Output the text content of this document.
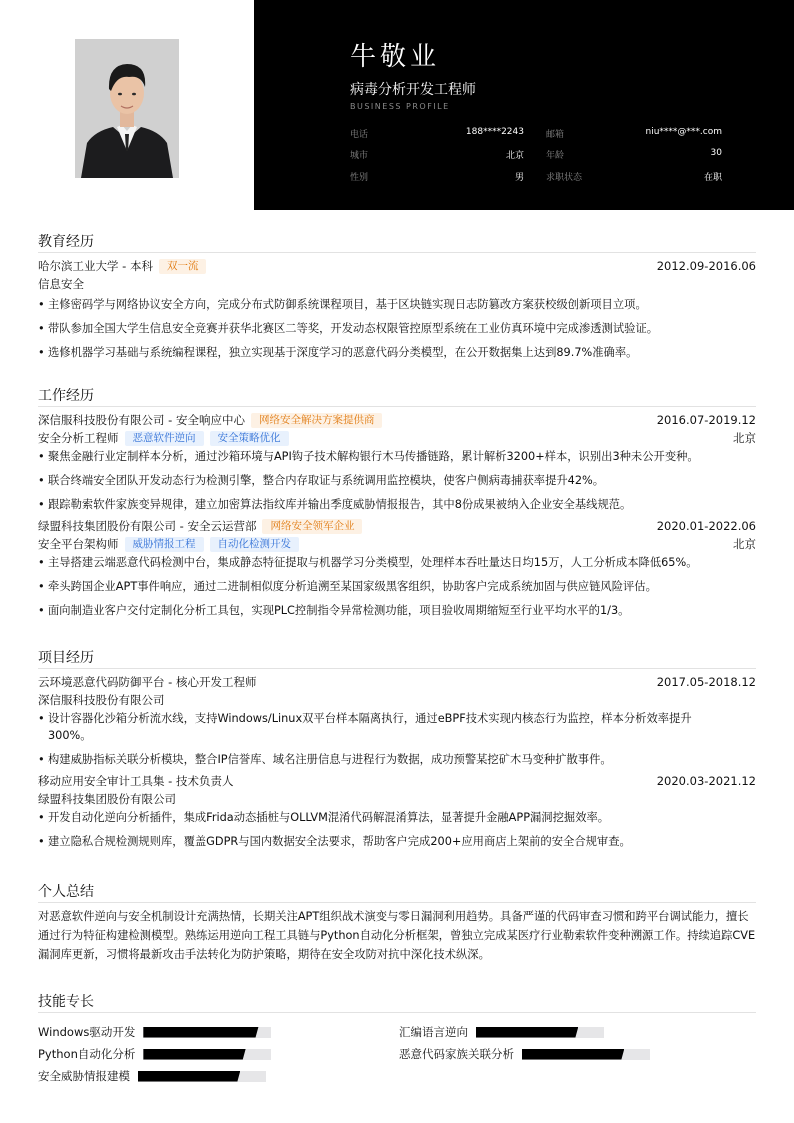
牛敬业
病毒分析开发工程师
BUSINESS PROFILE
电话	188****2243 邮箱	niu****@***.com
城市	北京 年龄	30
性别	男 求职状态	在职
教育经历
哈尔滨工业大学 - 本科	双一流	2012.09-2016.06
信息安全
• 主修密码学与网络协议安全方向，完成分布式防御系统课程项目，基于区块链实现日志防篡改方案获校级创新项目立项。
• 带队参加全国大学生信息安全竞赛并获华北赛区二等奖，开发动态权限管控原型系统在工业仿真环境中完成渗透测试验证。
• 选修机器学习基础与系统编程课程，独立实现基于深度学习的恶意代码分类模型，在公开数据集上达到89.7%准确率。
工作经历
深信服科技股份有限公司 - 安全响应中心	网络安全解决方案提供商	2016.07-2019.12
安全分析工程师	恶意软件逆向	安全策略优化	北京
• 聚焦金融行业定制样本分析，通过沙箱环境与API钩子技术解构银行木马传播链路，累计解析3200+样本，识别出3种未公开变种。
• 联合终端安全团队开发动态行为检测引擎，整合内存取证与系统调用监控模块，使客户侧病毒捕获率提升42%。
• 跟踪勒索软件家族变异规律，建立加密算法指纹库并输出季度威胁情报报告，其中8份成果被纳入企业安全基线规范。
绿盟科技集团股份有限公司 - 安全云运营部	网络安全领军企业	2020.01-2022.06
安全平台架构师	威胁情报工程	自动化检测开发	北京
• 主导搭建云端恶意代码检测中台，集成静态特征提取与机器学习分类模型，处理样本吞吐量达日均15万，人工分析成本降低65%。
• 牵头跨国企业APT事件响应，通过二进制相似度分析追溯至某国家级黑客组织，协助客户完成系统加固与供应链风险评估。
• 面向制造业客户交付定制化分析工具包，实现PLC控制指令异常检测功能，项目验收周期缩短至行业平均水平的1/3。
项目经历
云环境恶意代码防御平台 - 核心开发工程师	2017.05-2018.12
深信服科技股份有限公司
• 设计容器化沙箱分析流水线，支持Windows/Linux双平台样本隔离执行，通过eBPF技术实现内核态行为监控，样本分析效率提升300%。
• 构建威胁指标关联分析模块，整合IP信誉库、域名注册信息与进程行为数据，成功预警某挖矿木马变种扩散事件。
移动应用安全审计工具集 - 技术负责人	2020.03-2021.12
绿盟科技集团股份有限公司
• 开发自动化逆向分析插件，集成Frida动态插桩与OLLVM混淆代码解混淆算法，显著提升金融APP漏洞挖掘效率。
• 建立隐私合规检测规则库，覆盖GDPR与国内数据安全法要求，帮助客户完成200+应用商店上架前的安全合规审查。
个人总结
对恶意软件逆向与安全机制设计充满热情，长期关注APT组织战术演变与零日漏洞利用趋势。具备严谨的代码审查习惯和跨平台调试能力，擅长通过行为特征构建检测模型。熟练运用逆向工程工具链与Python自动化分析框架，曾独立完成某医疗行业勒索软件变种溯源工作。持续追踪CVE漏洞库更新，习惯将最新攻击手法转化为防护策略，期待在安全攻防对抗中深化技术纵深。
技能专长
Windows驱动开发	汇编语言逆向
Python自动化分析	恶意代码家族关联分析
安全威胁情报建模
